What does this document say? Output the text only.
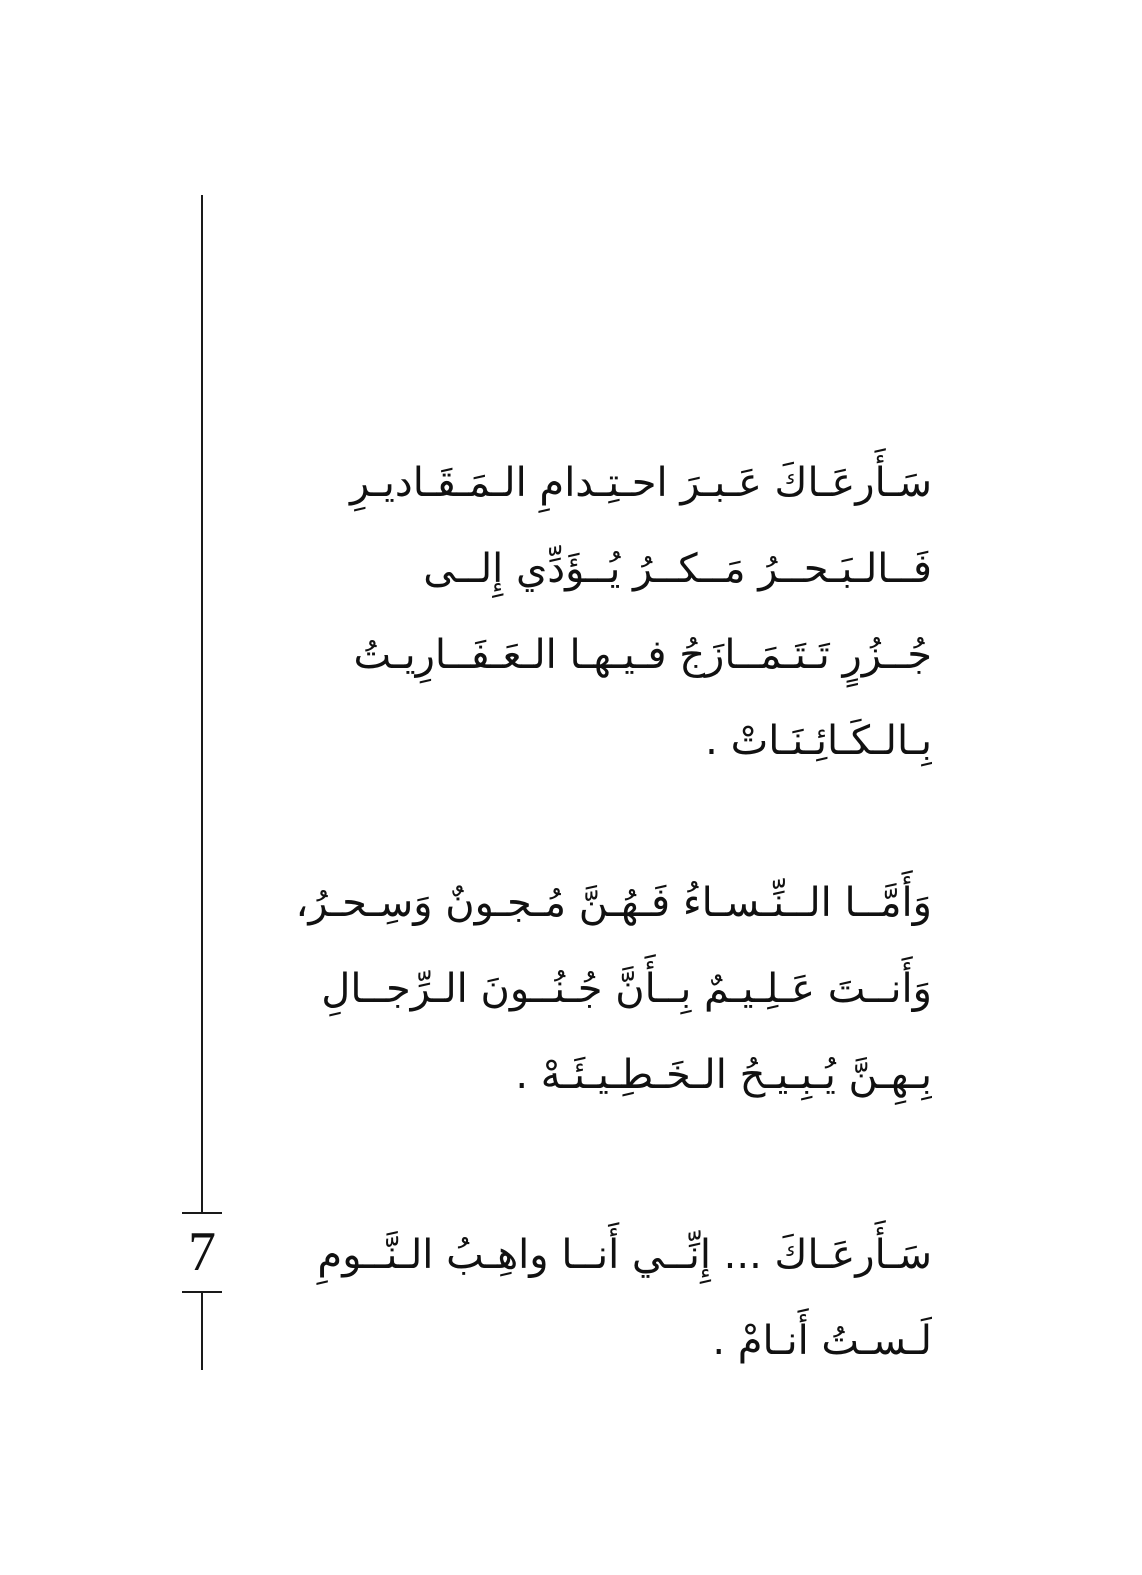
7
سَـأَرعَـاكَ عَـبـرَ احـتِـدامِ الـمَـقَـاديـرِ
فَــالـبَـحــرُ مَــكــرُ يُــؤَدِّي إِلــى
جُــزُرٍ تَـتَـمَــازَجُ فـيـهـا الـعَـفَــارِيـتُ
بِـالـكَـائِـنَـاتْ .
وَأَمَّــا الــنِّـسـاءُ فَـهُـنَّ مُـجـونٌ وَسِـحـرُ،
وَأَنــتَ عَـلِـيـمٌ بِــأَنَّ جُـنُــونَ الـرِّجــالِ
بِـهِـنَّ يُـبِـيـحُ الـخَـطِـيـئَـهْ .
سَـأَرعَـاكَ ... إِنِّــي أَنــا واهِـبُ الـنَّــومِ
لَـسـتُ أَنـامْ .
